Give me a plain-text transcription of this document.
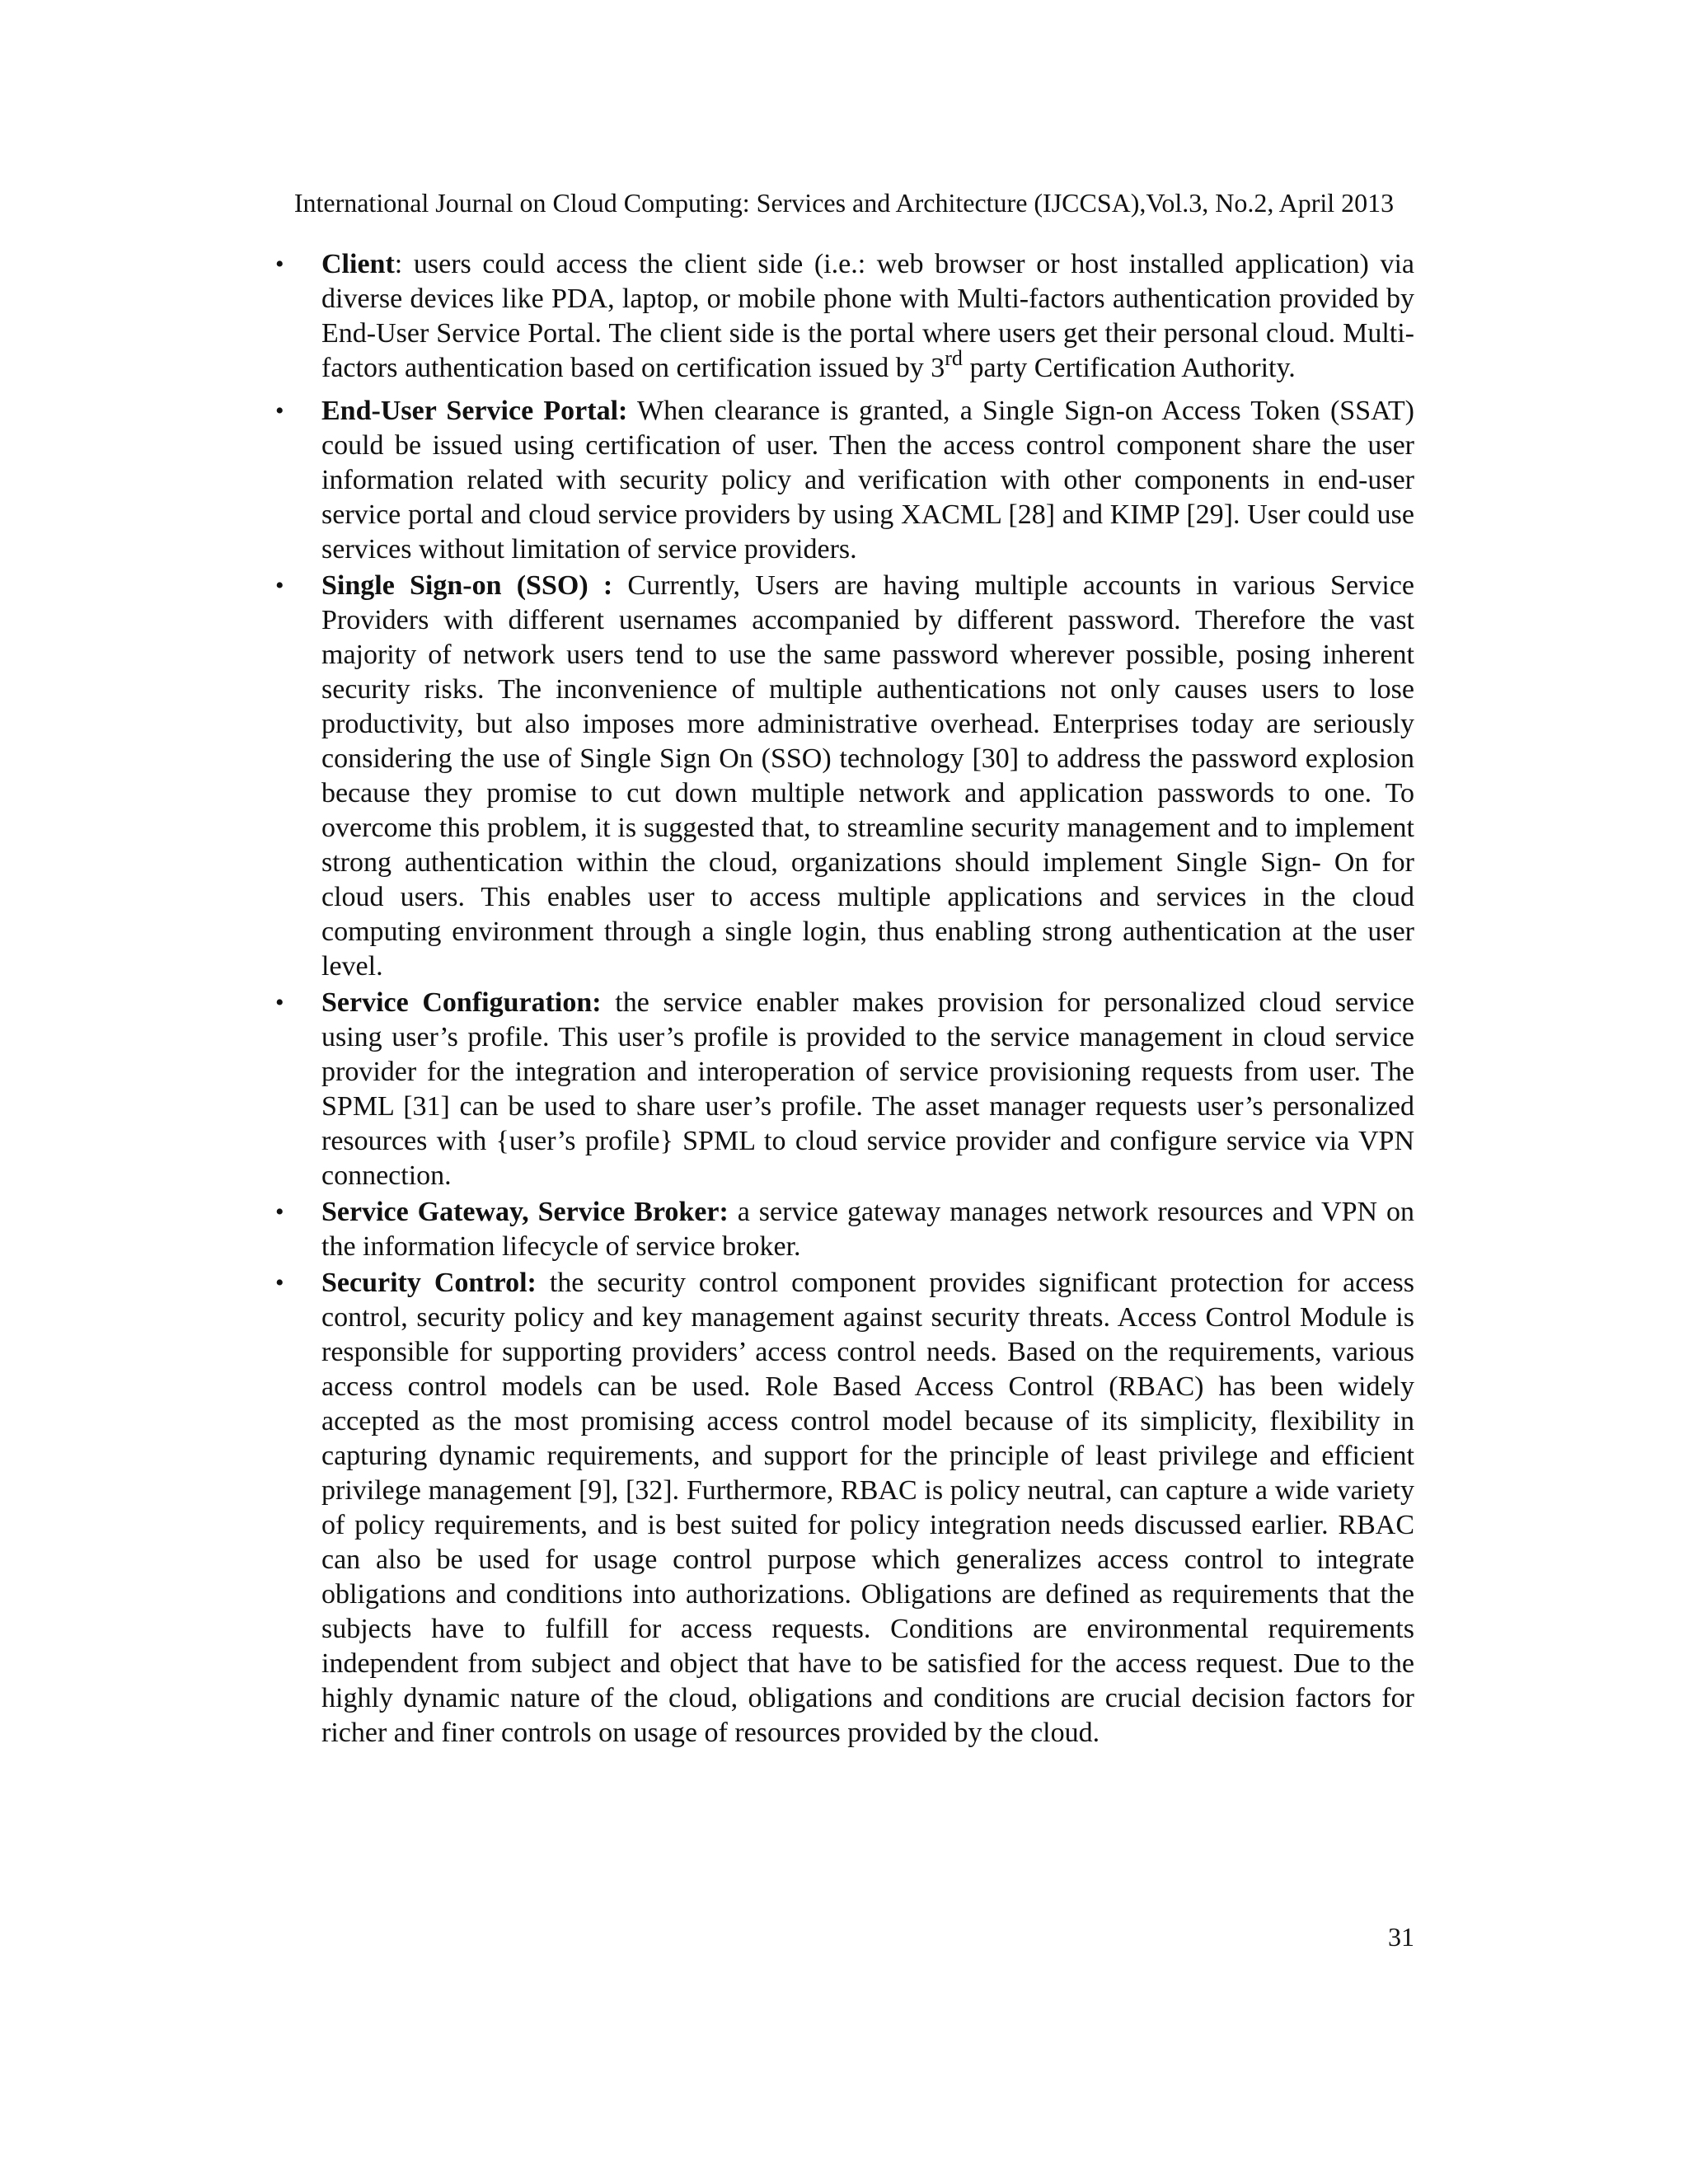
International Journal on Cloud Computing: Services and Architecture (IJCCSA),Vol.3, No.2, April 2013
• Client: users could access the client side (i.e.: web browser or host installed application) via diverse devices like PDA, laptop, or mobile phone with Multi-factors authentication provided by End-User Service Portal. The client side is the portal where users get their personal cloud. Multi-factors authentication based on certification issued by 3rd party Certification Authority.
• End-User Service Portal: When clearance is granted, a Single Sign-on Access Token (SSAT) could be issued using certification of user. Then the access control component share the user information related with security policy and verification with other components in end-user service portal and cloud service providers by using XACML [28] and KIMP [29]. User could use services without limitation of service providers.
• Single Sign-on (SSO) : Currently, Users are having multiple accounts in various Service Providers with different usernames accompanied by different password. Therefore the vast majority of network users tend to use the same password wherever possible, posing inherent security risks. The inconvenience of multiple authentications not only causes users to lose productivity, but also imposes more administrative overhead. Enterprises today are seriously considering the use of Single Sign On (SSO) technology [30] to address the password explosion because they promise to cut down multiple network and application passwords to one. To overcome this problem, it is suggested that, to streamline security management and to implement strong authentication within the cloud, organizations should implement Single Sign- On for cloud users. This enables user to access multiple applications and services in the cloud computing environment through a single login, thus enabling strong authentication at the user level.
• Service Configuration: the service enabler makes provision for personalized cloud service using user’s profile. This user’s profile is provided to the service management in cloud service provider for the integration and interoperation of service provisioning requests from user. The SPML [31] can be used to share user’s profile. The asset manager requests user’s personalized resources with {user’s profile} SPML to cloud service provider and configure service via VPN connection.
• Service Gateway, Service Broker: a service gateway manages network resources and VPN on the information lifecycle of service broker.
• Security Control: the security control component provides significant protection for access control, security policy and key management against security threats. Access Control Module is responsible for supporting providers’ access control needs. Based on the requirements, various access control models can be used. Role Based Access Control (RBAC) has been widely accepted as the most promising access control model because of its simplicity, flexibility in capturing dynamic requirements, and support for the principle of least privilege and efficient privilege management [9], [32]. Furthermore, RBAC is policy neutral, can capture a wide variety of policy requirements, and is best suited for policy integration needs discussed earlier. RBAC can also be used for usage control purpose which generalizes access control to integrate obligations and conditions into authorizations. Obligations are defined as requirements that the subjects have to fulfill for access requests. Conditions are environmental requirements independent from subject and object that have to be satisfied for the access request. Due to the highly dynamic nature of the cloud, obligations and conditions are crucial decision factors for richer and finer controls on usage of resources provided by the cloud.
31
